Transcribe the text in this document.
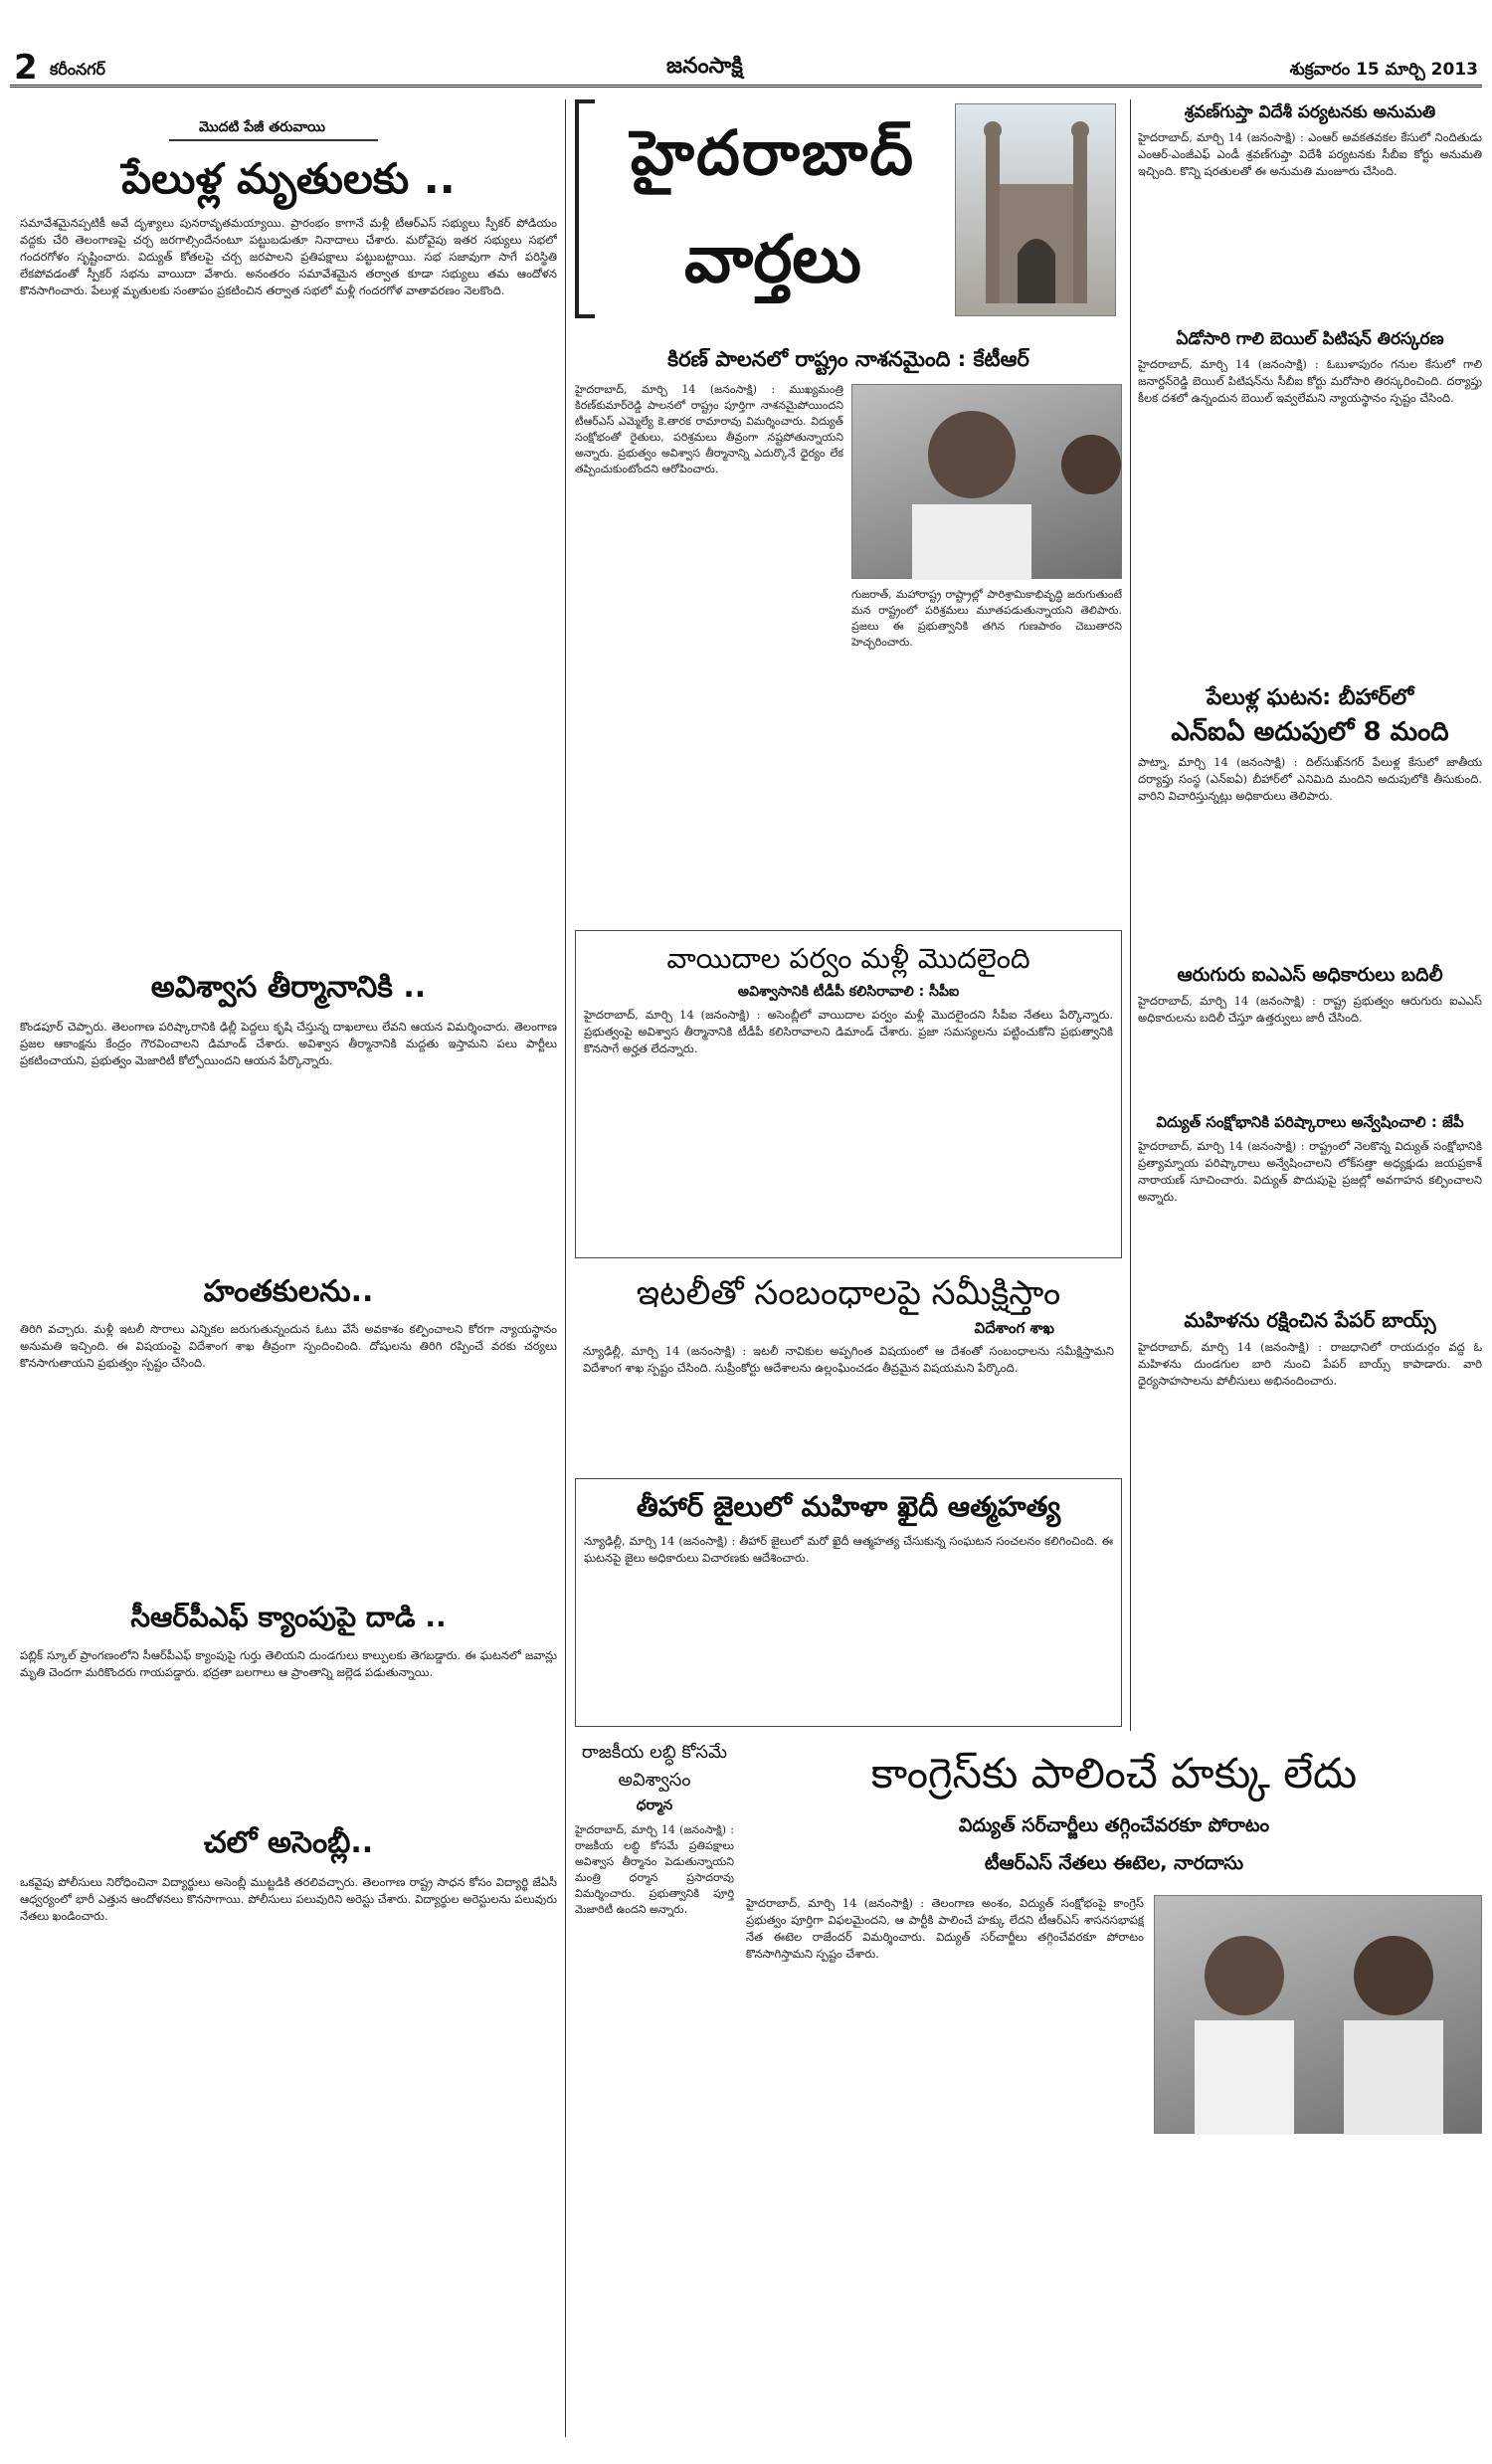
2 కరీంనగర్	జనంసాక్షి	శుక్రవారం 15 మార్చి 2013
మొదటి పేజీ తరువాయి
పేలుళ్ల మృతులకు ..
సమావేశమైనప్పటికీ అవే దృశ్యాలు పునరావృతమయ్యాయి. ప్రారంభం కాగానే మళ్లీ టీఆర్‌ఎస్‌ సభ్యులు స్పీకర్‌ పోడియం వద్దకు చేరి తెలంగాణపై చర్చ జరగాల్సిందేనంటూ పట్టుబడుతూ నినాదాలు చేశారు. మరోవైపు ఇతర సభ్యులు సభలో గందరగోళం సృష్టించారు. విద్యుత్‌ కోతలపై చర్చ జరపాలని ప్రతిపక్షాలు పట్టుబట్టాయి. సభ సజావుగా సాగే పరిస్థితి లేకపోవడంతో స్పీకర్‌ సభను వాయిదా వేశారు. అనంతరం సమావేశమైన తర్వాత కూడా సభ్యులు తమ ఆందోళన కొనసాగించారు. పేలుళ్ల మృతులకు సంతాపం ప్రకటించిన తర్వాత సభలో మళ్లీ గందరగోళ వాతావరణం నెలకొంది.
అవిశ్వాస తీర్మానానికి ..
కొండపూర్‌ చెప్పారు. తెలంగాణ పరిష్కారానికి ఢిల్లీ పెద్దలు కృషి చేస్తున్న దాఖలాలు లేవని ఆయన విమర్శించారు. తెలంగాణ ప్రజల ఆకాంక్షను కేంద్రం గౌరవించాలని డిమాండ్‌ చేశారు. అవిశ్వాస తీర్మానానికి మద్దతు ఇస్తామని పలు పార్టీలు ప్రకటించాయని, ప్రభుత్వం మెజారిటీ కోల్పోయిందని ఆయన పేర్కొన్నారు.
హంతకులను..
తిరిగి వచ్చారు. మళ్లీ ఇటలీ సొరాలు ఎన్నికల జరుగుతున్నందున ఓటు వేసే అవకాశం కల్పించాలని కోరగా న్యాయస్థానం అనుమతి ఇచ్చింది. ఈ విషయంపై విదేశాంగ శాఖ తీవ్రంగా స్పందించింది. దోషులను తిరిగి రప్పించే వరకు చర్యలు కొనసాగుతాయని ప్రభుత్వం స్పష్టం చేసింది.
సీఆర్‌పీఎఫ్‌ క్యాంపుపై దాడి ..
పబ్లిక్‌ స్కూల్‌ ప్రాంగణంలోని సీఆర్‌పీఎఫ్‌ క్యాంపుపై గుర్తు తెలియని దుండగులు కాల్పులకు తెగబడ్డారు. ఈ ఘటనలో జవాన్లు మృతి చెందగా మరికొందరు గాయపడ్డారు. భద్రతా బలగాలు ఆ ప్రాంతాన్ని జల్లెడ పడుతున్నాయి.
చలో అసెంబ్లీ..
ఒకవైపు పోలీసులు నిరోధించినా విద్యార్థులు అసెంబ్లీ ముట్టడికి తరలివచ్చారు. తెలంగాణ రాష్ట్ర సాధన కోసం విద్యార్థి జేఏసీ ఆధ్వర్యంలో భారీ ఎత్తున ఆందోళనలు కొనసాగాయి. పోలీసులు పలువురిని అరెస్టు చేశారు. విద్యార్థుల అరెస్టులను పలువురు నేతలు ఖండించారు.
హైదరాబాద్‌
వార్తలు
కిరణ్‌ పాలనలో రాష్ట్రం నాశనమైంది : కేటీఆర్‌
హైదరాబాద్‌, మార్చి 14 (జనంసాక్షి) : ముఖ్యమంత్రి కిరణ్‌కుమార్‌రెడ్డి పాలనలో రాష్ట్రం పూర్తిగా నాశనమైపోయిందని టీఆర్‌ఎస్‌ ఎమ్మెల్యే కె.తారక రామారావు విమర్శించారు. విద్యుత్‌ సంక్షోభంతో రైతులు, పరిశ్రమలు తీవ్రంగా నష్టపోతున్నాయని అన్నారు. ప్రభుత్వం అవిశ్వాస తీర్మానాన్ని ఎదుర్కొనే ధైర్యం లేక తప్పించుకుంటోందని ఆరోపించారు.
గుజరాత్‌, మహారాష్ట్ర రాష్ట్రాల్లో పారిశ్రామికాభివృద్ధి జరుగుతుంటే మన రాష్ట్రంలో పరిశ్రమలు మూతపడుతున్నాయని తెలిపారు. ప్రజలు ఈ ప్రభుత్వానికి తగిన గుణపాఠం చెబుతారని హెచ్చరించారు.
వాయిదాల పర్వం మళ్లీ మొదలైంది
అవిశ్వాసానికి టీడీపీ కలిసిరావాలి : సీపీఐ
హైదరాబాద్‌, మార్చి 14 (జనంసాక్షి) : అసెంబ్లీలో వాయిదాల పర్వం మళ్లీ మొదలైందని సీపీఐ నేతలు పేర్కొన్నారు. ప్రభుత్వంపై అవిశ్వాస తీర్మానానికి టీడీపీ కలిసిరావాలని డిమాండ్‌ చేశారు. ప్రజా సమస్యలను పట్టించుకోని ప్రభుత్వానికి కొనసాగే అర్హత లేదన్నారు.
ఇటలీతో సంబంధాలపై సమీక్షిస్తాం
విదేశాంగ శాఖ
న్యూఢిల్లీ, మార్చి 14 (జనంసాక్షి) : ఇటలీ నావికుల అప్పగింత విషయంలో ఆ దేశంతో సంబంధాలను సమీక్షిస్తామని విదేశాంగ శాఖ స్పష్టం చేసింది. సుప్రీంకోర్టు ఆదేశాలను ఉల్లంఘించడం తీవ్రమైన విషయమని పేర్కొంది.
తీహార్‌ జైలులో మహిళా ఖైదీ ఆత్మహత్య
న్యూఢిల్లీ, మార్చి 14 (జనంసాక్షి) : తీహార్‌ జైలులో మరో ఖైదీ ఆత్మహత్య చేసుకున్న సంఘటన సంచలనం కలిగించింది. ఈ ఘటనపై జైలు అధికారులు విచారణకు ఆదేశించారు.
రాజకీయ లబ్ధి కోసమే అవిశ్వాసం
ధర్మాన
హైదరాబాద్‌, మార్చి 14 (జనంసాక్షి) : రాజకీయ లబ్ధి కోసమే ప్రతిపక్షాలు అవిశ్వాస తీర్మానం పెడుతున్నాయని మంత్రి ధర్మాన ప్రసాదరావు విమర్శించారు. ప్రభుత్వానికి పూర్తి మెజారిటీ ఉందని అన్నారు.
కాంగ్రెస్‌కు పాలించే హక్కు లేదు
విద్యుత్‌ సర్‌చార్జీలు తగ్గించేవరకూ పోరాటం
టీఆర్‌ఎస్‌ నేతలు ఈటెల, నారదాసు
హైదరాబాద్‌, మార్చి 14 (జనంసాక్షి) : తెలంగాణ అంశం, విద్యుత్‌ సంక్షోభంపై కాంగ్రెస్‌ ప్రభుత్వం పూర్తిగా విఫలమైందని, ఆ పార్టీకి పాలించే హక్కు లేదని టీఆర్‌ఎస్‌ శాసనసభాపక్ష నేత ఈటెల రాజేందర్‌ విమర్శించారు. విద్యుత్‌ సర్‌చార్జీలు తగ్గించేవరకూ పోరాటం కొనసాగిస్తామని స్పష్టం చేశారు.
శ్రవణ్‌గుప్తా విదేశీ పర్యటనకు అనుమతి
హైదరాబాద్‌, మార్చి 14 (జనంసాక్షి) : ఎంఆర్‌ అవకతవకల కేసులో నిందితుడు ఎంఆర్‌-ఎంజీఎఫ్‌ ఎండీ శ్రవణ్‌గుప్తా విదేశీ పర్యటనకు సీబీఐ కోర్టు అనుమతి ఇచ్చింది. కొన్ని షరతులతో ఈ అనుమతి మంజూరు చేసింది.
ఏడోసారి గాలి బెయిల్‌ పిటిషన్‌ తిరస్కరణ
హైదరాబాద్‌, మార్చి 14 (జనంసాక్షి) : ఓబుళాపురం గనుల కేసులో గాలి జనార్దన్‌రెడ్డి బెయిల్‌ పిటిషన్‌ను సీబీఐ కోర్టు మరోసారి తిరస్కరించింది. దర్యాప్తు కీలక దశలో ఉన్నందున బెయిల్‌ ఇవ్వలేమని న్యాయస్థానం స్పష్టం చేసింది.
పేలుళ్ల ఘటన: బీహార్‌లో
ఎన్‌ఐఏ అదుపులో 8 మంది
పాట్నా, మార్చి 14 (జనంసాక్షి) : దిల్‌సుఖ్‌నగర్‌ పేలుళ్ల కేసులో జాతీయ దర్యాప్తు సంస్థ (ఎన్‌ఐఏ) బీహార్‌లో ఎనిమిది మందిని అదుపులోకి తీసుకుంది. వారిని విచారిస్తున్నట్లు అధికారులు తెలిపారు.
ఆరుగురు ఐఎఎస్‌ అధికారులు బదిలీ
హైదరాబాద్‌, మార్చి 14 (జనంసాక్షి) : రాష్ట్ర ప్రభుత్వం ఆరుగురు ఐఎఎస్‌ అధికారులను బదిలీ చేస్తూ ఉత్తర్వులు జారీ చేసింది.
విద్యుత్‌ సంక్షోభానికి పరిష్కారాలు అన్వేషించాలి : జేపీ
హైదరాబాద్‌, మార్చి 14 (జనంసాక్షి) : రాష్ట్రంలో నెలకొన్న విద్యుత్‌ సంక్షోభానికి ప్రత్యామ్నాయ పరిష్కారాలు అన్వేషించాలని లోక్‌సత్తా అధ్యక్షుడు జయప్రకాశ్‌ నారాయణ్‌ సూచించారు. విద్యుత్‌ పొదుపుపై ప్రజల్లో అవగాహన కల్పించాలని అన్నారు.
మహిళను రక్షించిన పేపర్‌ బాయ్స్‌
హైదరాబాద్‌, మార్చి 14 (జనంసాక్షి) : రాజధానిలో రాయదుర్గం వద్ద ఓ మహిళను దుండగుల బారి నుంచి పేపర్‌ బాయ్స్‌ కాపాడారు. వారి ధైర్యసాహసాలను పోలీసులు అభినందించారు.
